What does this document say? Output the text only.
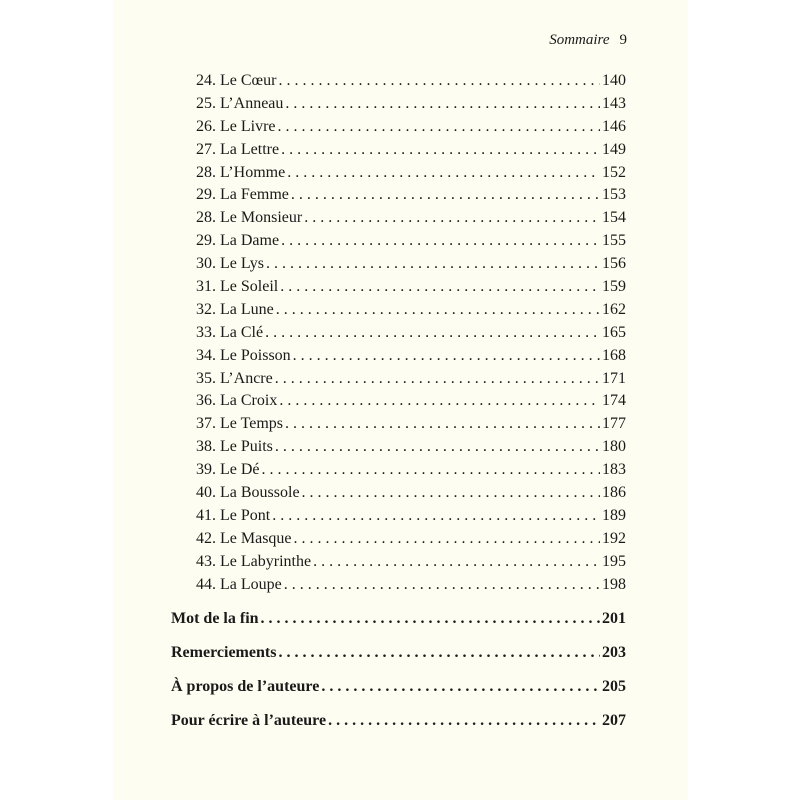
Sommaire 9
24. Le Cœur . . .	140
25. L’Anneau . . .	143
26. Le Livre . . .	146
27. La Lettre . . .	149
28. L’Homme . . .	152
29. La Femme . . .	153
28. Le Monsieur . . .	154
29. La Dame . . .	155
30. Le Lys . . .	156
31. Le Soleil . . .	159
32. La Lune . . .	162
33. La Clé . . .	165
34. Le Poisson . . .	168
35. L’Ancre . . .	171
36. La Croix . . .	174
37. Le Temps . . .	177
38. Le Puits . . .	180
39. Le Dé . . .	183
40. La Boussole . . .	186
41. Le Pont . . .	189
42. Le Masque . . .	192
43. Le Labyrinthe . . .	195
44. La Loupe . . .	198
Mot de la fin . . .	201
Remerciements . . .	203
À propos de l’auteure . . .	205
Pour écrire à l’auteure . . .	207
